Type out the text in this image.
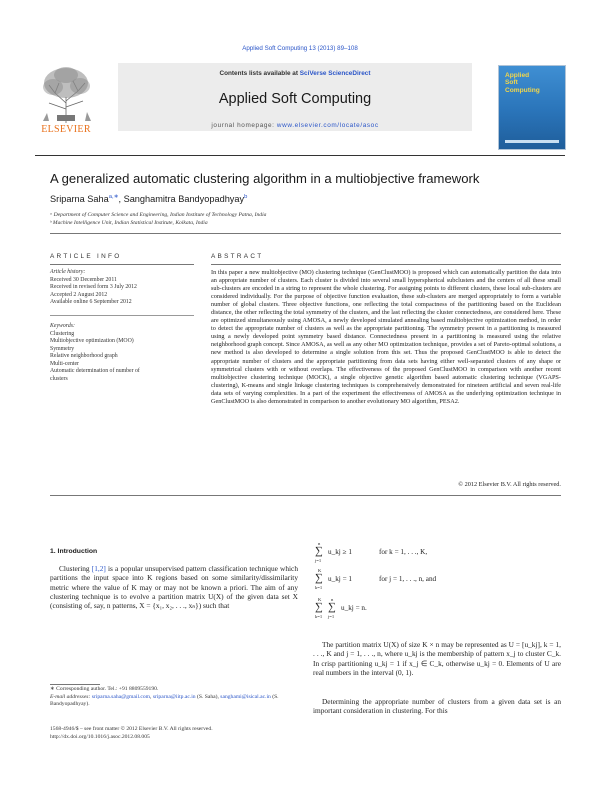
Applied Soft Computing 13 (2013) 89–108
Contents lists available at SciVerse ScienceDirect
Applied Soft Computing
journal homepage: www.elsevier.com/locate/asoc
ELSEVIER
Applied
Soft
Computing
A generalized automatic clustering algorithm in a multiobjective framework
Sriparna Saha$^{a,∗}$, Sanghamitra Bandyopadhyay$^b$
ᵃ Department of Computer Science and Engineering, Indian Institute of Technology Patna, India
ᵇ Machine Intelligence Unit, Indian Statistical Institute, Kolkata, India
ARTICLE INFO
Article history:
Received 30 December 2011
Received in revised form 3 July 2012
Accepted 2 August 2012
Available online 6 September 2012
Keywords:
Clustering
Multiobjective optimization (MOO)
Symmetry
Relative neighborhood graph
Multi-center
Automatic determination of number of
clusters
ABSTRACT
In this paper a new multiobjective (MO) clustering technique (GenClustMOO) is proposed which can automatically partition the data into an appropriate number of clusters. Each cluster is divided into several small hyperspherical subclusters and the centers of all these small sub-clusters are encoded in a string to represent the whole clustering. For assigning points to different clusters, these local sub-clusters are considered individually. For the purpose of objective function evaluation, these sub-clusters are merged appropriately to form a variable number of global clusters. Three objective functions, one reflecting the total compactness of the partitioning based on the Euclidean distance, the other reflecting the total symmetry of the clusters, and the last reflecting the cluster connectedness, are considered here. These are optimized simultaneously using AMOSA, a newly developed simulated annealing based multiobjective optimization method, in order to detect the appropriate number of clusters as well as the appropriate partitioning. The symmetry present in a partitioning is measured using a newly developed point symmetry based distance. Connectedness present in a partitioning is measured using the relative neighborhood graph concept. Since AMOSA, as well as any other MO optimization technique, provides a set of Pareto-optimal solutions, a new method is also developed to determine a single solution from this set. Thus the proposed GenClustMOO is able to detect the appropriate number of clusters and the appropriate partitioning from data sets having either well-separated clusters of any shape or symmetrical clusters with or without overlaps. The effectiveness of the proposed GenClustMOO in comparison with another recent multiobjective clustering technique (MOCK), a single objective genetic algorithm based automatic clustering technique (VGAPS-clustering), K-means and single linkage clustering techniques is comprehensively demonstrated for nineteen artificial and seven real-life data sets of varying complexities. In a part of the experiment the effectiveness of AMOSA as the underlying optimization technique in GenClustMOO is also demonstrated in comparison to another evolutionary MO algorithm, PESA2.
© 2012 Elsevier B.V. All rights reserved.
1. Introduction
Clustering [1,2] is a popular unsupervised pattern classification technique which partitions the input space into K regions based on some similarity/dissimilarity metric where the value of K may or may not be known a priori. The aim of any clustering technique is to evolve a partition matrix U(X) of the given data set X (consisting of, say, n patterns, X = {x₁, x₂, . . ., xₙ}) such that
n
∑
j=1
u_kj ≥ 1	for k = 1, . . ., K,
K
∑
k=1
u_kj = 1	for j = 1, . . ., n, and
K
∑
k=1
n
∑
j=1
u_kj = n.
The partition matrix U(X) of size K × n may be represented as U = [u_kj], k = 1, . . ., K and j = 1, . . ., n, where u_kj is the membership of pattern x_j to cluster C_k. In crisp partitioning u_kj = 1 if x_j ∈ C_k, otherwise u_kj = 0. Elements of U are real numbers in the interval (0, 1).
Determining the appropriate number of clusters from a given data set is an important consideration in clustering. For this
∗ Corresponding author. Tel.: +91 8809559190.
E-mail addresses: sriparna.saha@gmail.com, sriparna@iitp.ac.in (S. Saha), sanghami@isical.ac.in (S. Bandyopadhyay).
1568-4946/$ – see front matter © 2012 Elsevier B.V. All rights reserved.
http://dx.doi.org/10.1016/j.asoc.2012.08.005
